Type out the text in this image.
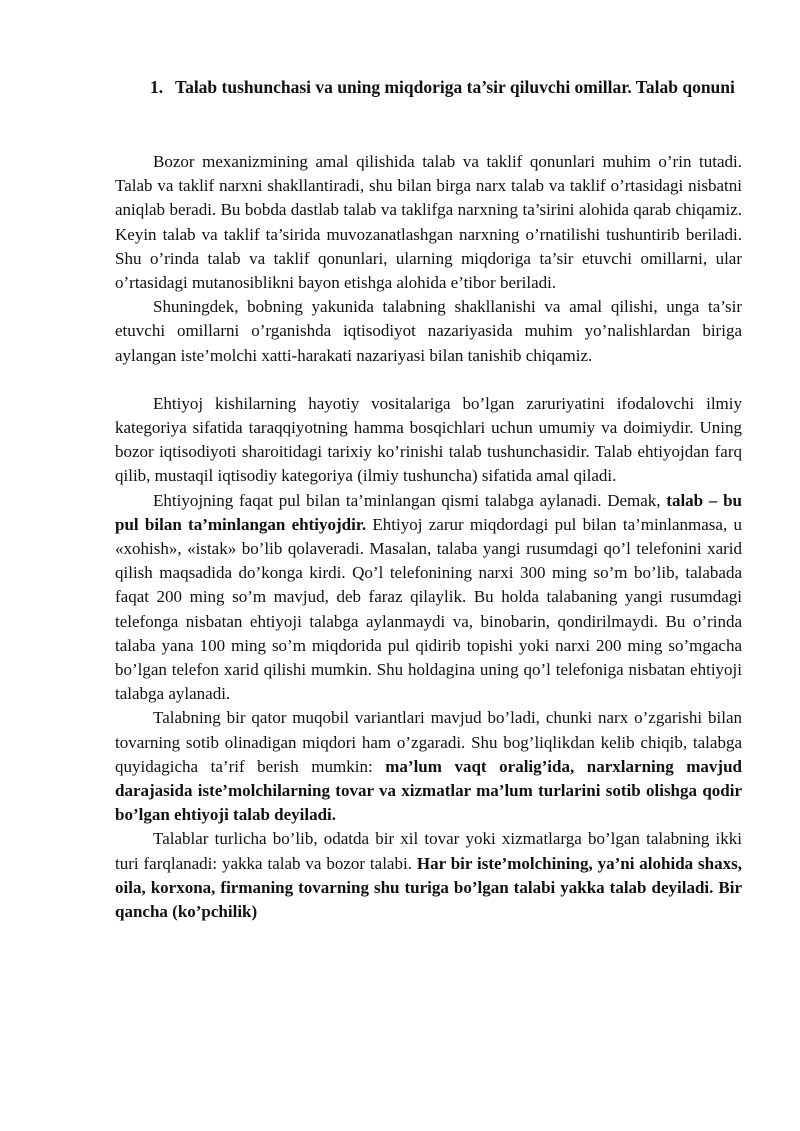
1. Talab tushunchasi va uning miqdoriga ta’sir qiluvchi omillar. Talab qonuni

Bozor mexanizmining amal qilishida talab va taklif qonunlari muhim o’rin tutadi. Talab va taklif narxni shakllantiradi, shu bilan birga narx talab va taklif o’rtasidagi nisbatni aniqlab beradi. Bu bobda dastlab talab va taklifga narxning ta’sirini alohida qarab chiqamiz. Keyin talab va taklif ta’sirida muvozanatlashgan narxning o’rnatilishi tushuntirib beriladi. Shu o’rinda talab va taklif qonunlari, ularning miqdoriga ta’sir etuvchi omillarni, ular o’rtasidagi mutanosiblikni bayon etishga alohida e’tibor beriladi.

Shuningdek, bobning yakunida talabning shakllanishi va amal qilishi, unga ta’sir etuvchi omillarni o’rganishda iqtisodiyot nazariyasida muhim yo’nalishlardan biriga aylangan iste’molchi xatti-harakati nazariyasi bilan tanishib chiqamiz.

Ehtiyoj kishilarning hayotiy vositalariga bo’lgan zaruriyatini ifodalovchi ilmiy kategoriya sifatida taraqqiyotning hamma bosqichlari uchun umumiy va doimiydir. Uning bozor iqtisodiyoti sharoitidagi tarixiy ko’rinishi talab tushunchasidir. Talab ehtiyojdan farq qilib, mustaqil iqtisodiy kategoriya (ilmiy tushuncha) sifatida amal qiladi.

Ehtiyojning faqat pul bilan ta’minlangan qismi talabga aylanadi. Demak, talab – bu pul bilan ta’minlangan ehtiyojdir. Ehtiyoj zarur miqdordagi pul bilan ta’minlanmasa, u «xohish», «istak» bo’lib qolaveradi. Masalan, talaba yangi rusumdagi qo’l telefonini xarid qilish maqsadida do’konga kirdi. Qo’l telefonining narxi 300 ming so’m bo’lib, talabada faqat 200 ming so’m mavjud, deb faraz qilaylik. Bu holda talabaning yangi rusumdagi telefonga nisbatan ehtiyoji talabga aylanmaydi va, binobarin, qondirilmaydi. Bu o’rinda talaba yana 100 ming so’m miqdorida pul qidirib topishi yoki narxi 200 ming so’mgacha bo’lgan telefon xarid qilishi mumkin. Shu holdagina uning qo’l telefoniga nisbatan ehtiyoji talabga aylanadi.

Talabning bir qator muqobil variantlari mavjud bo’ladi, chunki narx o’zgarishi bilan tovarning sotib olinadigan miqdori ham o’zgaradi. Shu bog’liqlikdan kelib chiqib, talabga quyidagicha ta’rif berish mumkin: ma’lum vaqt oralig’ida, narxlarning mavjud darajasida iste’molchilarning tovar va xizmatlar ma’lum turlarini sotib olishga qodir bo’lgan ehtiyoji talab deyiladi.

Talablar turlicha bo’lib, odatda bir xil tovar yoki xizmatlarga bo’lgan talabning ikki turi farqlanadi: yakka talab va bozor talabi. Har bir iste’molchining, ya’ni alohida shaxs, oila, korxona, firmaning tovarning shu turiga bo’lgan talabi yakka talab deyiladi. Bir qancha (ko’pchilik)
